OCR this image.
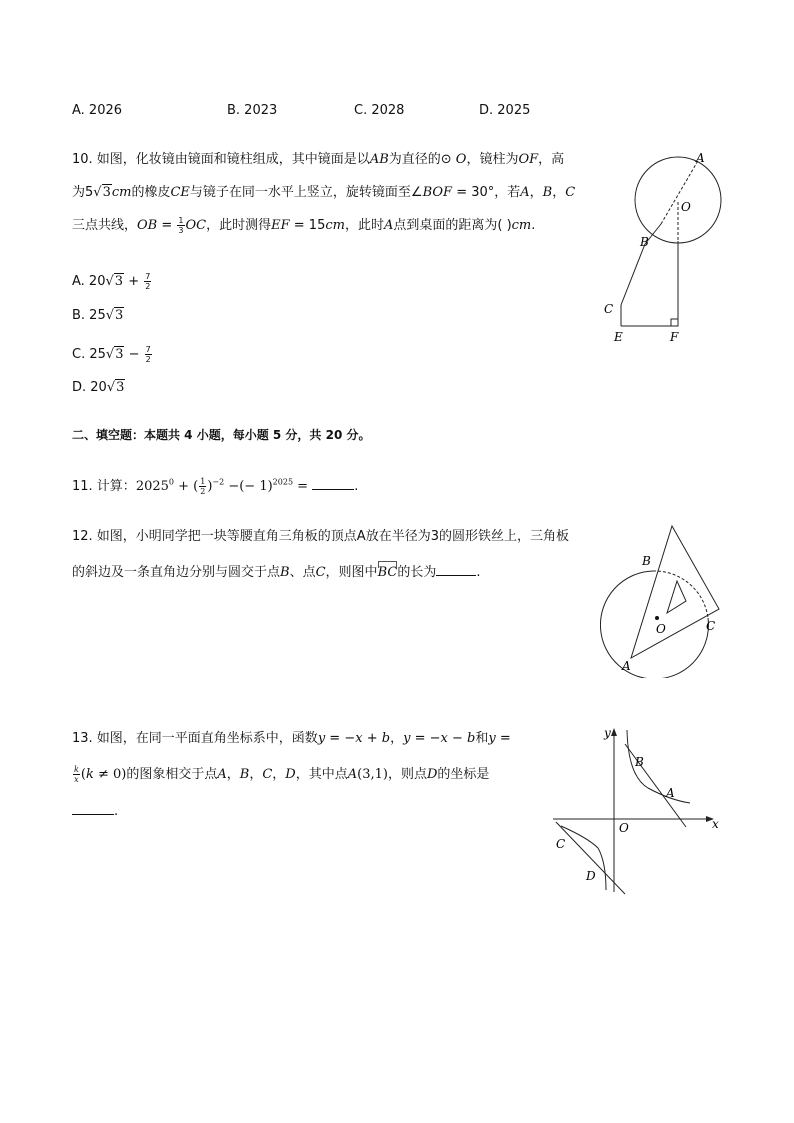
A. 2026	B. 2023	C. 2028	D. 2025
10. 如图，化妆镜由镜面和镜柱组成，其中镜面是以AB为直径的⊙ O，镜柱为OF，高
为5√3cm的橡皮CE与镜子在同一水平上竖立，旋转镜面至∠BOF = 30°，若A，B，C
三点共线，OB = $\frac{1}{3}$ OC，此时测得EF = 15cm，此时A点到桌面的距离为( )cm.
A. $20√3 + \frac{7}{2}$
B. 25√3
C. $25√3 - \frac{7}{2}$
D. 20√3
A
O
B
C
E	F
二、填空题：本题共 4 小题，每小题 5 分，共 20 分。
11. 计算：$2025^0$ + ( $\frac{1}{2} )^{-2}$ −(− 1)$^{2025}$ =	.
12. 如图，小明同学把一块等腰直角三角板的顶点A放在半径为3的圆形铁丝上，三角板
的斜边及一条直角边分别与圆交于点B、点C，则图中BC的长为	.
B
O	C
A
13. 如图，在同一平面直角坐标系中，函数y = −x + b，y = −x − b和y =
$\frac{k}{x} (k \ne 0)$的图象相交于点A，B，C，D，其中点A(3,1)，则点D的坐标是
.
y
B
A
O	x
C
D
